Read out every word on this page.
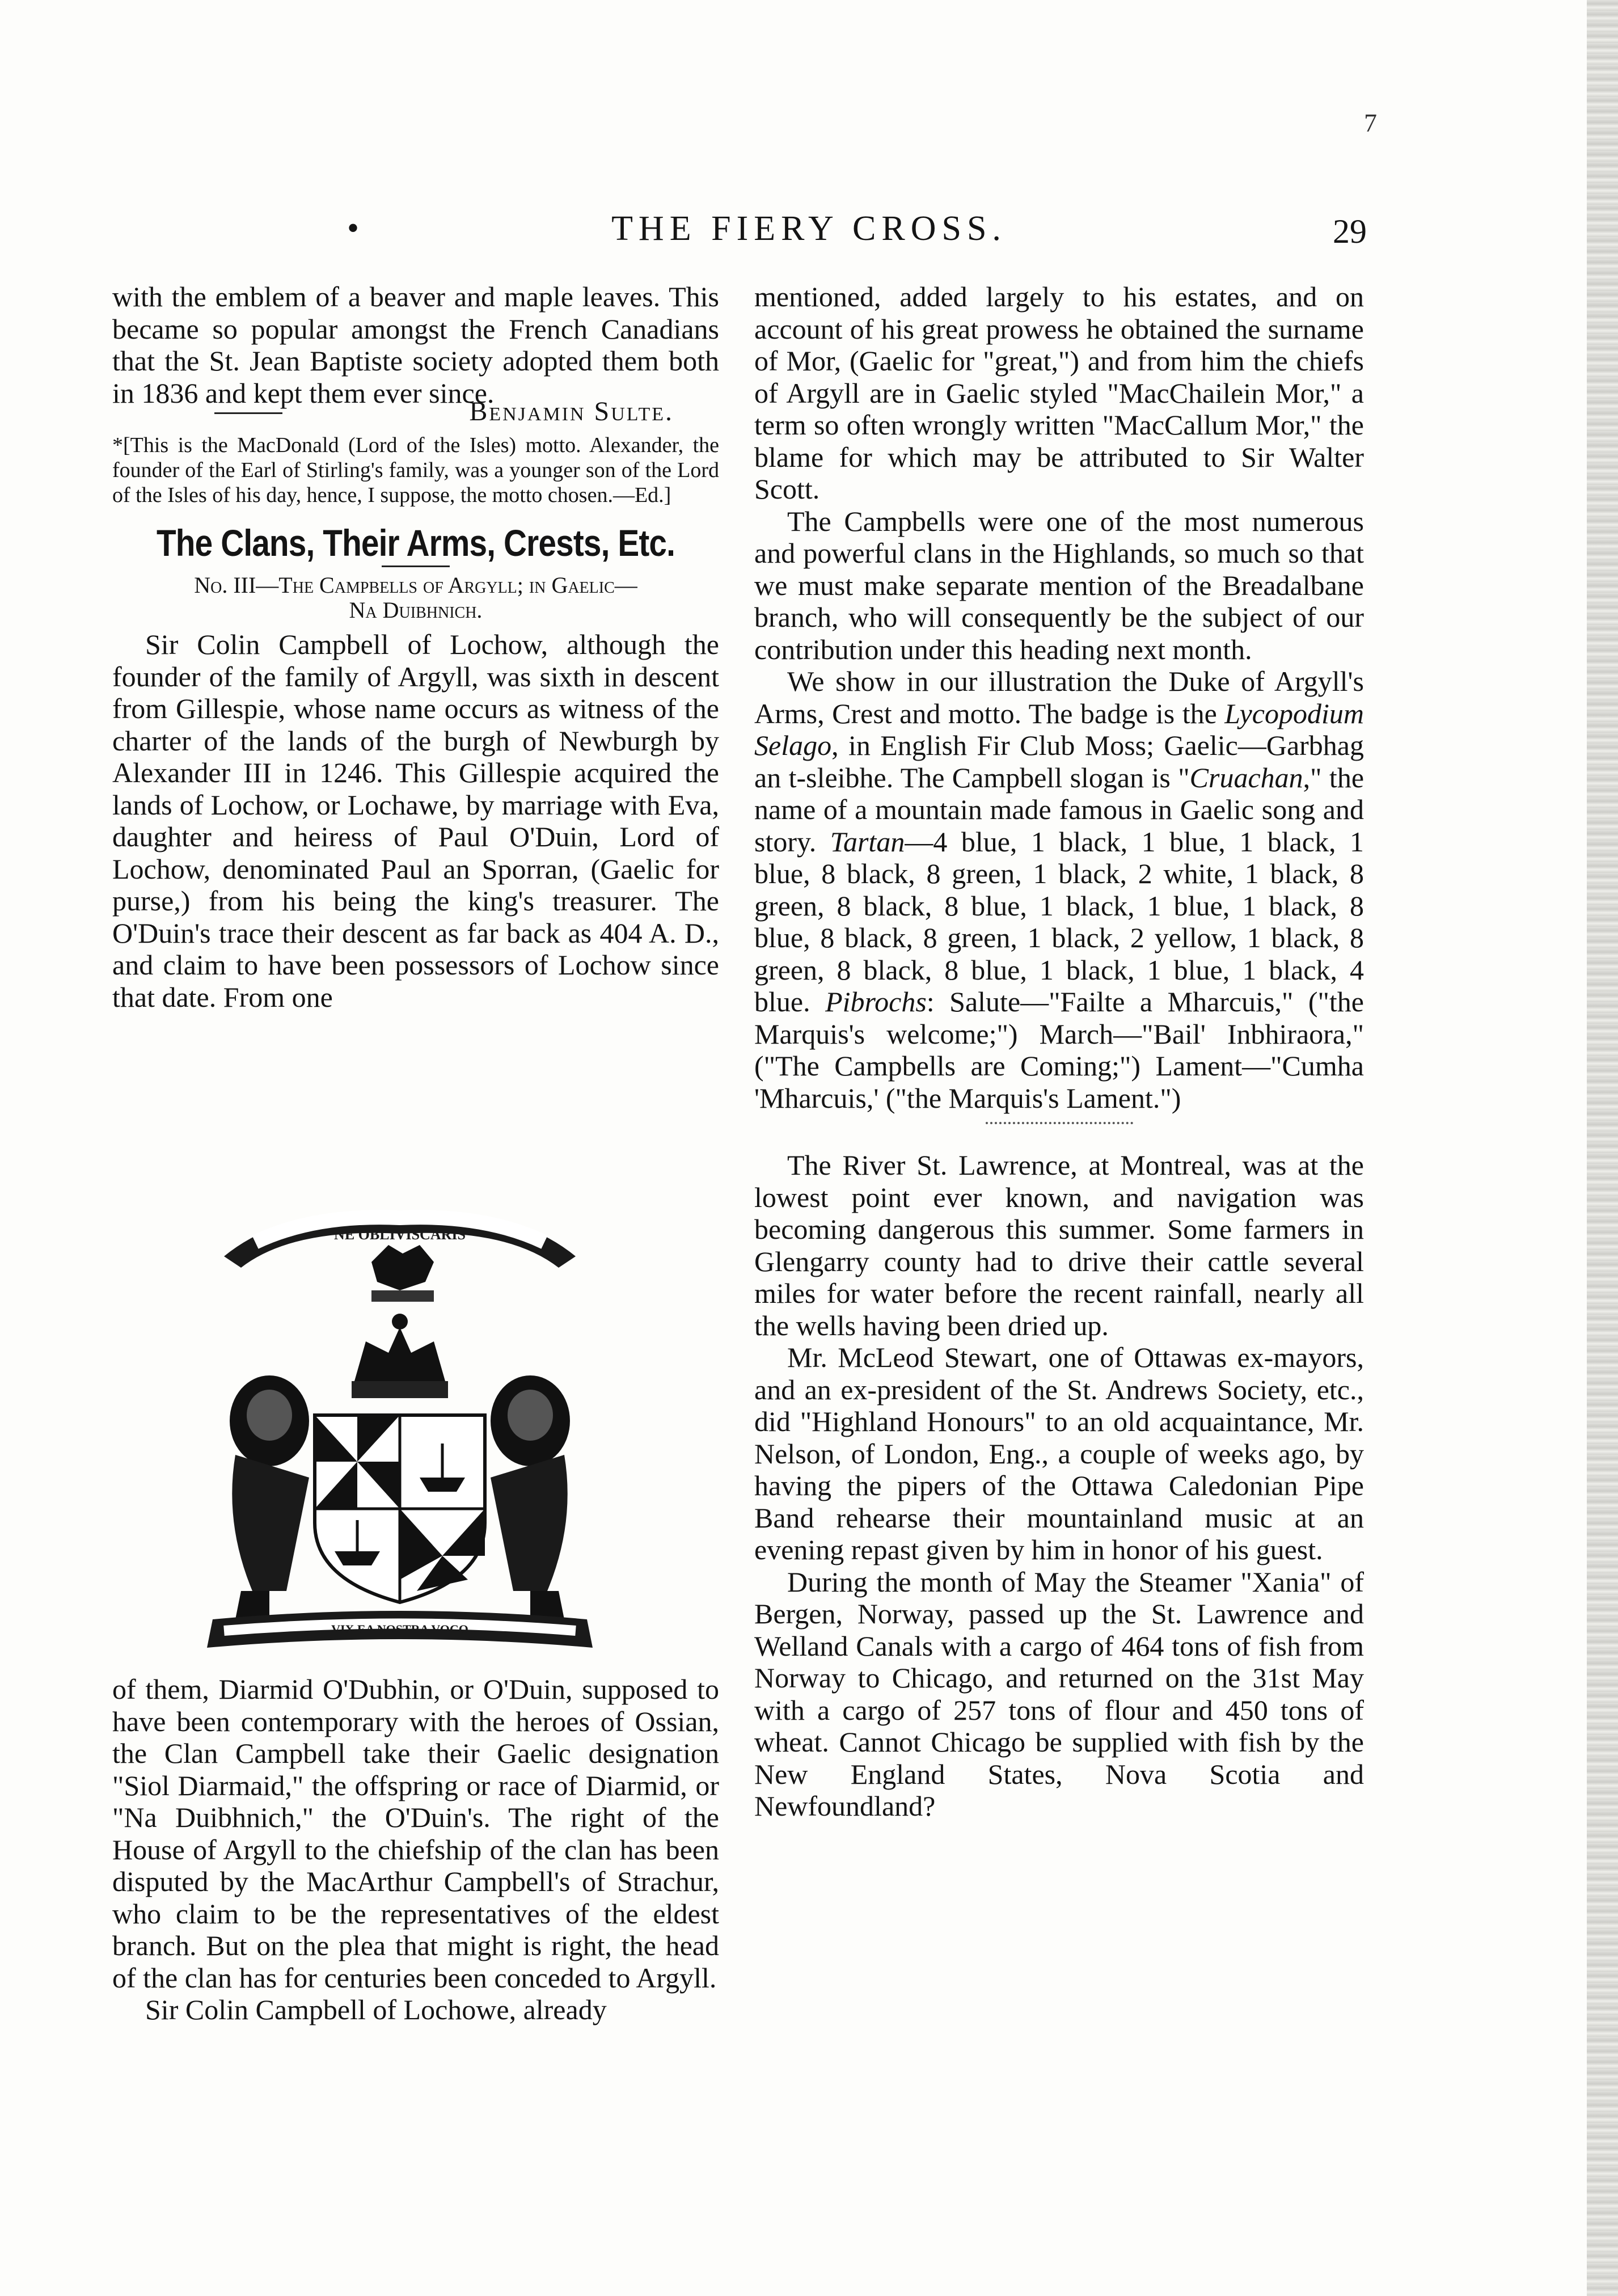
7
•	THE FIERY CROSS.	29

with the emblem of a beaver and maple leaves. This became so popular amongst the French Canadians that the St. Jean Baptiste society adopted them both in 1836 and kept them ever since.

Benjamin Sulte.

*[This is the MacDonald (Lord of the Isles) motto. Alexander, the founder of the Earl of Stirling's family, was a younger son of the Lord of the Isles of his day, hence, I suppose, the motto chosen.—Ed.]

The Clans, Their Arms, Crests, Etc.
No. III—The Campbells of Argyll; in Gaelic—
Na Duibhnich.

Sir Colin Campbell of Lochow, although the founder of the family of Argyll, was sixth in descent from Gillespie, whose name occurs as witness of the charter of the lands of the burgh of Newburgh by Alexander III in 1246. This Gillespie acquired the lands of Lochow, or Lochawe, by marriage with Eva, daughter and heiress of Paul O'Duin, Lord of Lochow, denominated Paul an Sporran, (Gaelic for purse,) from his being the king's treasurer. The O'Duin's trace their descent as far back as 404 A. D., and claim to have been possessors of Lochow since that date. From one

NE OBLIVISCARIS
VIX EA NOSTRA VOCO

of them, Diarmid O'Dubhin, or O'Duin, supposed to have been contemporary with the heroes of Ossian, the Clan Campbell take their Gaelic designation "Siol Diarmaid," the offspring or race of Diarmid, or "Na Duibhnich," the O'Duin's. The right of the House of Argyll to the chiefship of the clan has been disputed by the MacArthur Campbell's of Strachur, who claim to be the representatives of the eldest branch. But on the plea that might is right, the head of the clan has for centuries been conceded to Argyll.

Sir Colin Campbell of Lochowe, already

mentioned, added largely to his estates, and on account of his great prowess he obtained the surname of Mor, (Gaelic for "great,") and from him the chiefs of Argyll are in Gaelic styled "MacChailein Mor," a term so often wrongly written "MacCallum Mor," the blame for which may be attributed to Sir Walter Scott.

The Campbells were one of the most numerous and powerful clans in the Highlands, so much so that we must make separate mention of the Breadalbane branch, who will consequently be the subject of our contribution under this heading next month.

We show in our illustration the Duke of Argyll's Arms, Crest and motto. The badge is the Lycopodium Selago, in English Fir Club Moss; Gaelic—Garbhag an t-sleibhe. The Campbell slogan is "Cruachan," the name of a mountain made famous in Gaelic song and story. Tartan—4 blue, 1 black, 1 blue, 1 black, 1 blue, 8 black, 8 green, 1 black, 2 white, 1 black, 8 green, 8 black, 8 blue, 1 black, 1 blue, 1 black, 8 blue, 8 black, 8 green, 1 black, 2 yellow, 1 black, 8 green, 8 black, 8 blue, 1 black, 1 blue, 1 black, 4 blue. Pibrochs: Salute—"Failte a Mharcuis," ("the Marquis's welcome;") March—"Bail' Inbhiraora," ("The Campbells are Coming;") Lament—"Cumha 'Mharcuis,' ("the Marquis's Lament.")

The River St. Lawrence, at Montreal, was at the lowest point ever known, and navigation was becoming dangerous this summer. Some farmers in Glengarry county had to drive their cattle several miles for water before the recent rainfall, nearly all the wells having been dried up.

Mr. McLeod Stewart, one of Ottawas ex-mayors, and an ex-president of the St. Andrews Society, etc., did "Highland Honours" to an old acquaintance, Mr. Nelson, of London, Eng., a couple of weeks ago, by having the pipers of the Ottawa Caledonian Pipe Band rehearse their mountainland music at an evening repast given by him in honor of his guest.

During the month of May the Steamer "Xania" of Bergen, Norway, passed up the St. Lawrence and Welland Canals with a cargo of 464 tons of fish from Norway to Chicago, and returned on the 31st May with a cargo of 257 tons of flour and 450 tons of wheat. Cannot Chicago be supplied with fish by the New England States, Nova Scotia and Newfoundland?
